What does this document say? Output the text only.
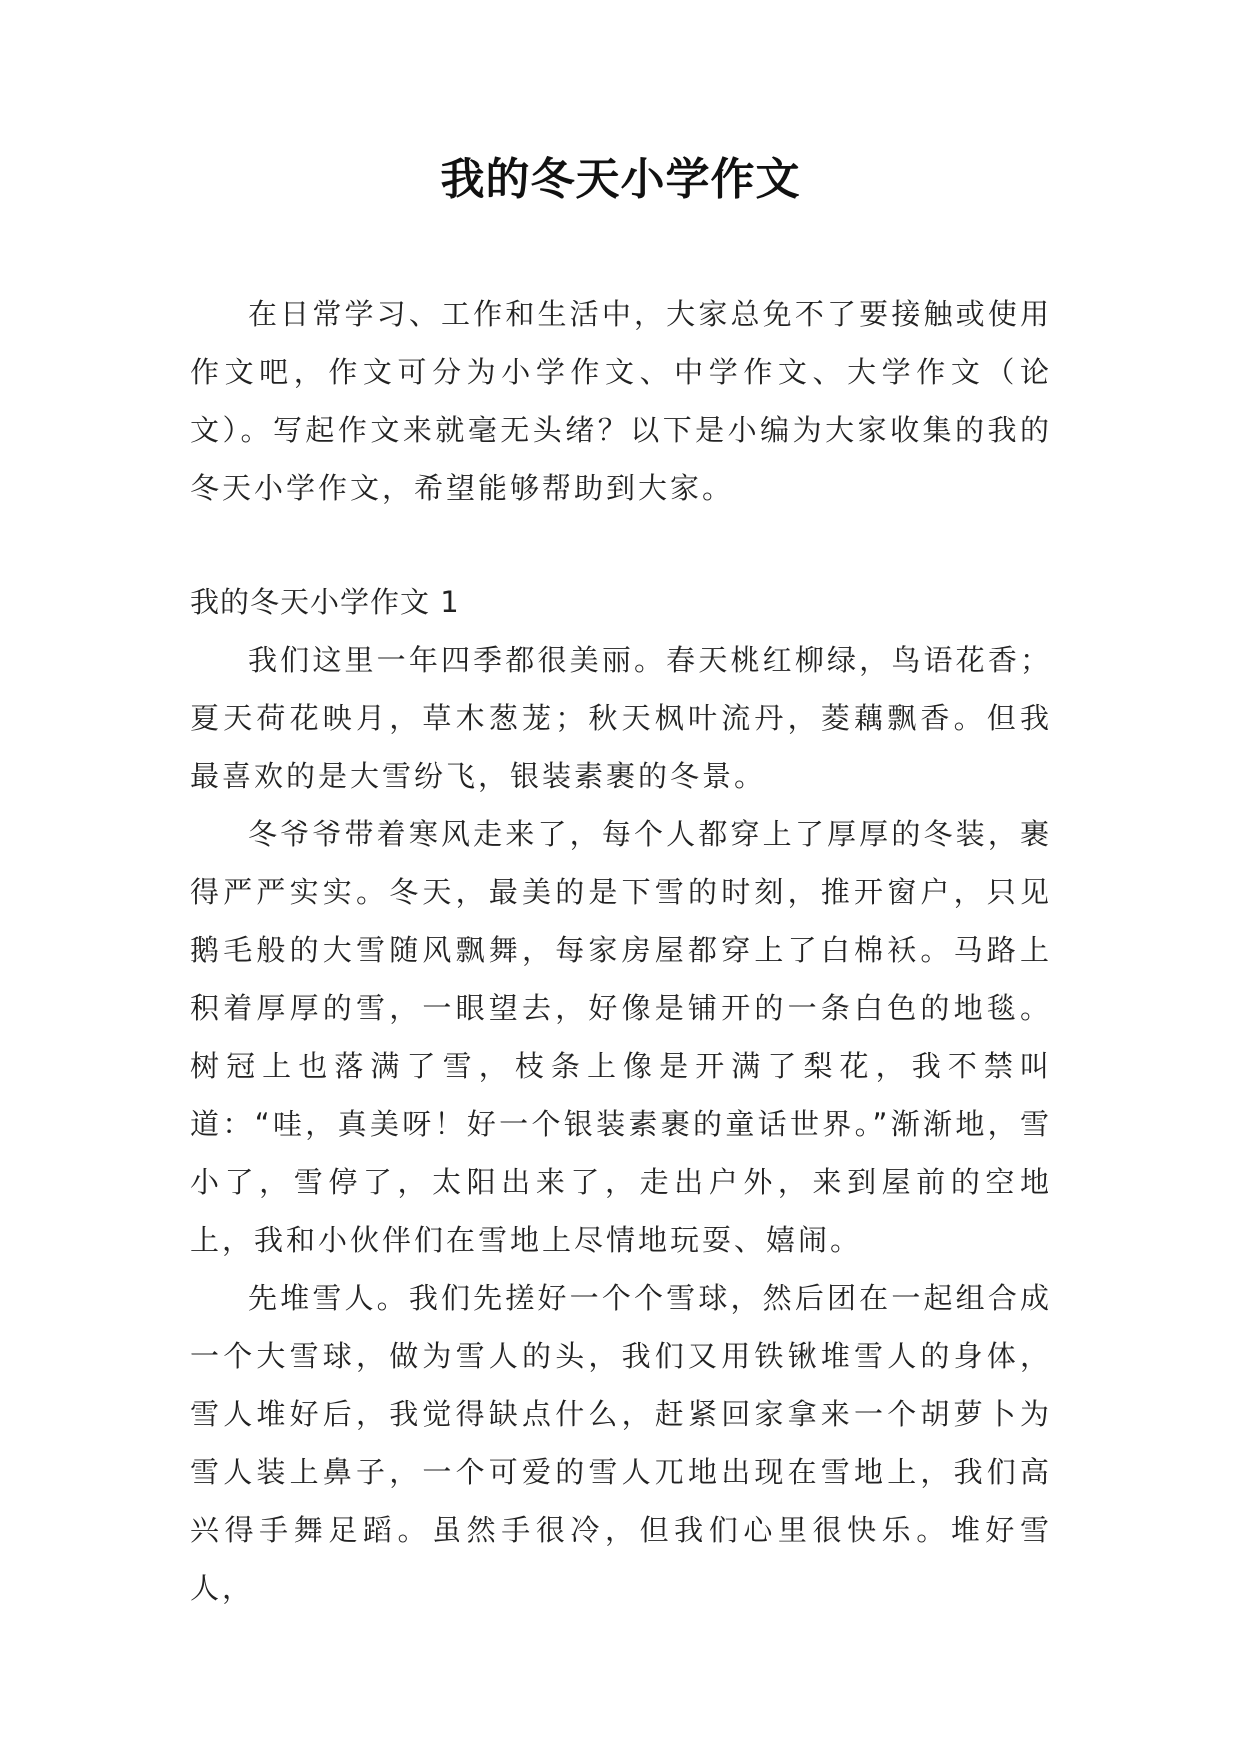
我的冬天小学作文

在日常学习、工作和生活中，大家总免不了要接触或使用作文吧，作文可分为小学作文、中学作文、大学作文（论文）。写起作文来就毫无头绪？以下是小编为大家收集的我的冬天小学作文，希望能够帮助到大家。

我的冬天小学作文 1

我们这里一年四季都很美丽。春天桃红柳绿，鸟语花香；夏天荷花映月，草木葱茏；秋天枫叶流丹，菱藕飘香。但我最喜欢的是大雪纷飞，银装素裹的冬景。

冬爷爷带着寒风走来了，每个人都穿上了厚厚的冬装，裹得严严实实。冬天，最美的是下雪的时刻，推开窗户，只见鹅毛般的大雪随风飘舞，每家房屋都穿上了白棉袄。马路上积着厚厚的雪，一眼望去，好像是铺开的一条白色的地毯。树冠上也落满了雪，枝条上像是开满了梨花，我不禁叫道：“哇，真美呀！好一个银装素裹的童话世界。”渐渐地，雪小了，雪停了，太阳出来了，走出户外，来到屋前的空地上，我和小伙伴们在雪地上尽情地玩耍、嬉闹。

先堆雪人。我们先搓好一个个雪球，然后团在一起组合成一个大雪球，做为雪人的头，我们又用铁锹堆雪人的身体，雪人堆好后，我觉得缺点什么，赶紧回家拿来一个胡萝卜为雪人装上鼻子，一个可爱的雪人兀地出现在雪地上，我们高兴得手舞足蹈。虽然手很冷，但我们心里很快乐。堆好雪人，
